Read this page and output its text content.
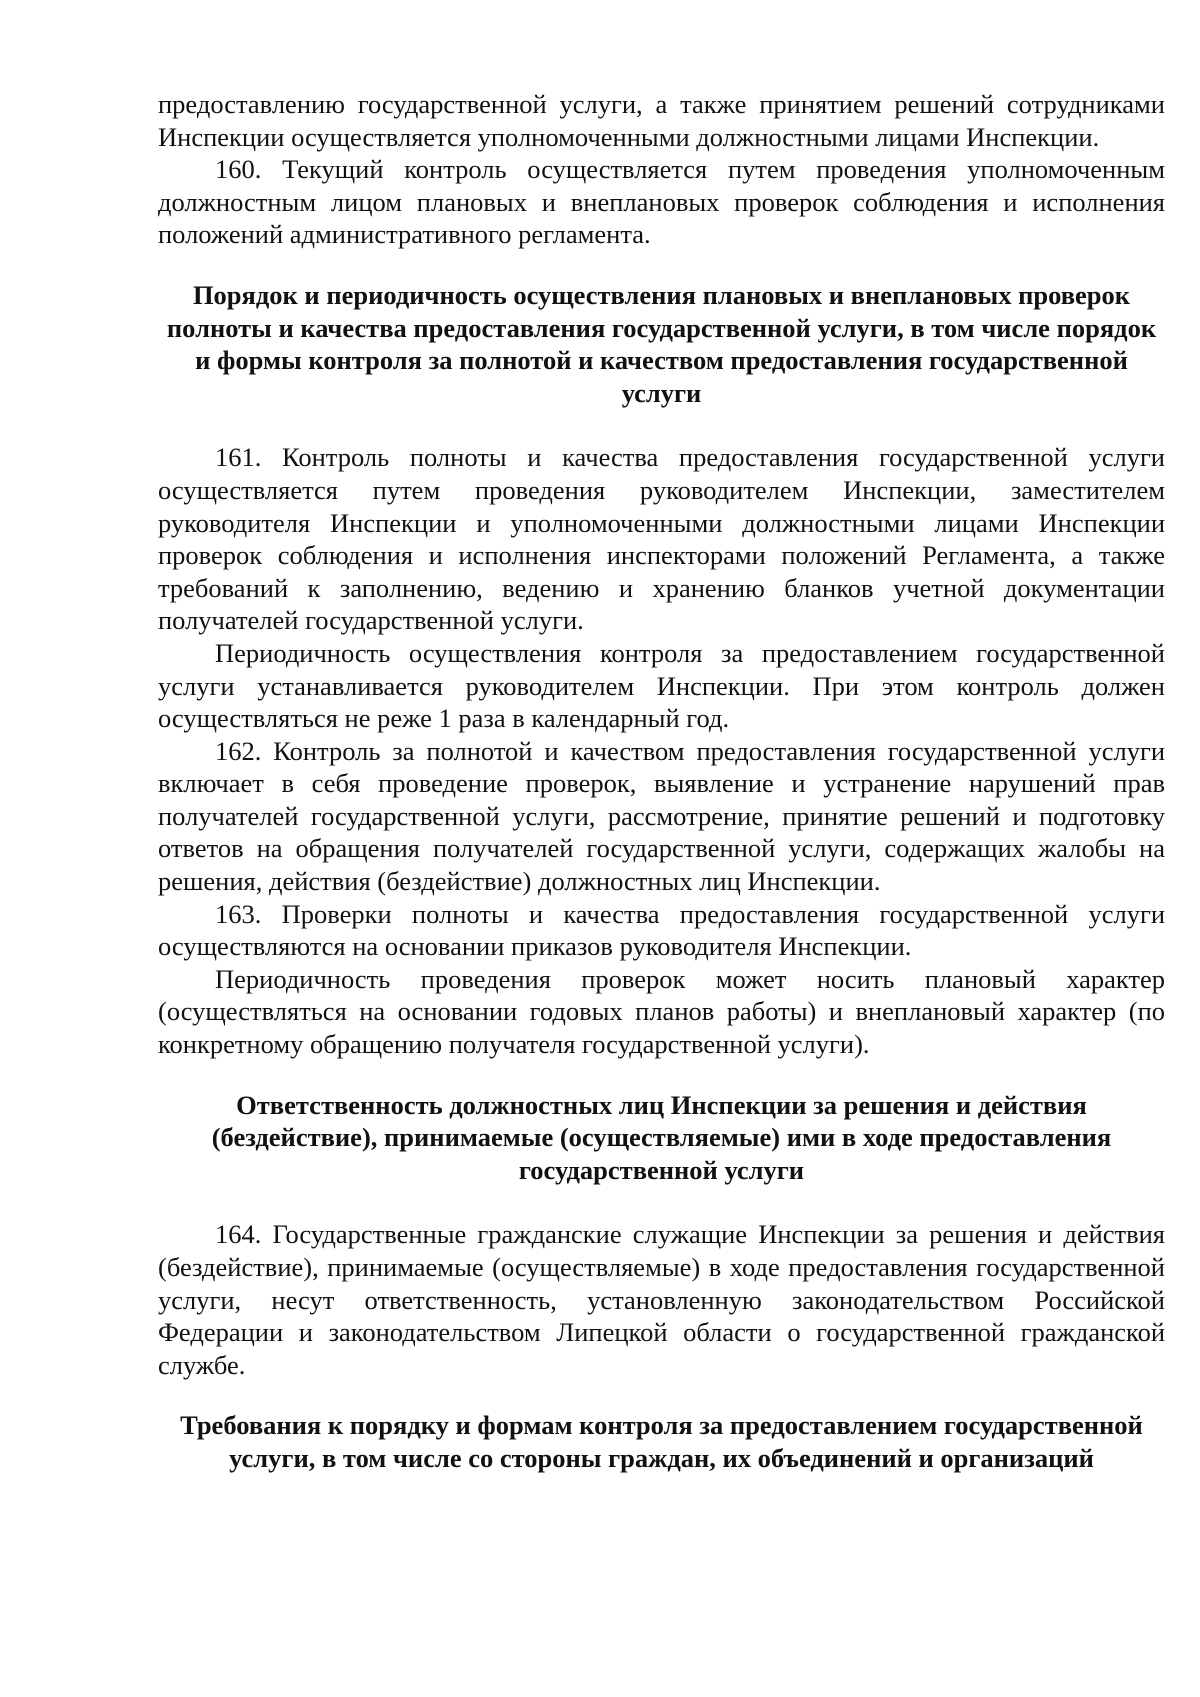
предоставлению государственной услуги, а также принятием решений сотрудниками Инспекции осуществляется уполномоченными должностными лицами Инспекции.

160. Текущий контроль осуществляется путем проведения уполномоченным должностным лицом плановых и внеплановых проверок соблюдения и исполнения положений административного регламента.

Порядок и периодичность осуществления плановых и внеплановых проверок полноты и качества предоставления государственной услуги, в том числе порядок и формы контроля за полнотой и качеством предоставления государственной услуги

161. Контроль полноты и качества предоставления государственной услуги осуществляется путем проведения руководителем Инспекции, заместителем руководителя Инспекции и уполномоченными должностными лицами Инспекции проверок соблюдения и исполнения инспекторами положений Регламента, а также требований к заполнению, ведению и хранению бланков учетной документации получателей государственной услуги.

Периодичность осуществления контроля за предоставлением государственной услуги устанавливается руководителем Инспекции. При этом контроль должен осуществляться не реже 1 раза в календарный год.

162. Контроль за полнотой и качеством предоставления государственной услуги включает в себя проведение проверок, выявление и устранение нарушений прав получателей государственной услуги, рассмотрение, принятие решений и подготовку ответов на обращения получателей государственной услуги, содержащих жалобы на решения, действия (бездействие) должностных лиц Инспекции.

163. Проверки полноты и качества предоставления государственной услуги осуществляются на основании приказов руководителя Инспекции.

Периодичность проведения проверок может носить плановый характер (осуществляться на основании годовых планов работы) и внеплановый характер (по конкретному обращению получателя государственной услуги).

Ответственность должностных лиц Инспекции за решения и действия (бездействие), принимаемые (осуществляемые) ими в ходе предоставления государственной услуги

164. Государственные гражданские служащие Инспекции за решения и действия (бездействие), принимаемые (осуществляемые) в ходе предоставления государственной услуги, несут ответственность, установленную законодательством Российской Федерации и законодательством Липецкой области о государственной гражданской службе.

Требования к порядку и формам контроля за предоставлением государственной услуги, в том числе со стороны граждан, их объединений и организаций
